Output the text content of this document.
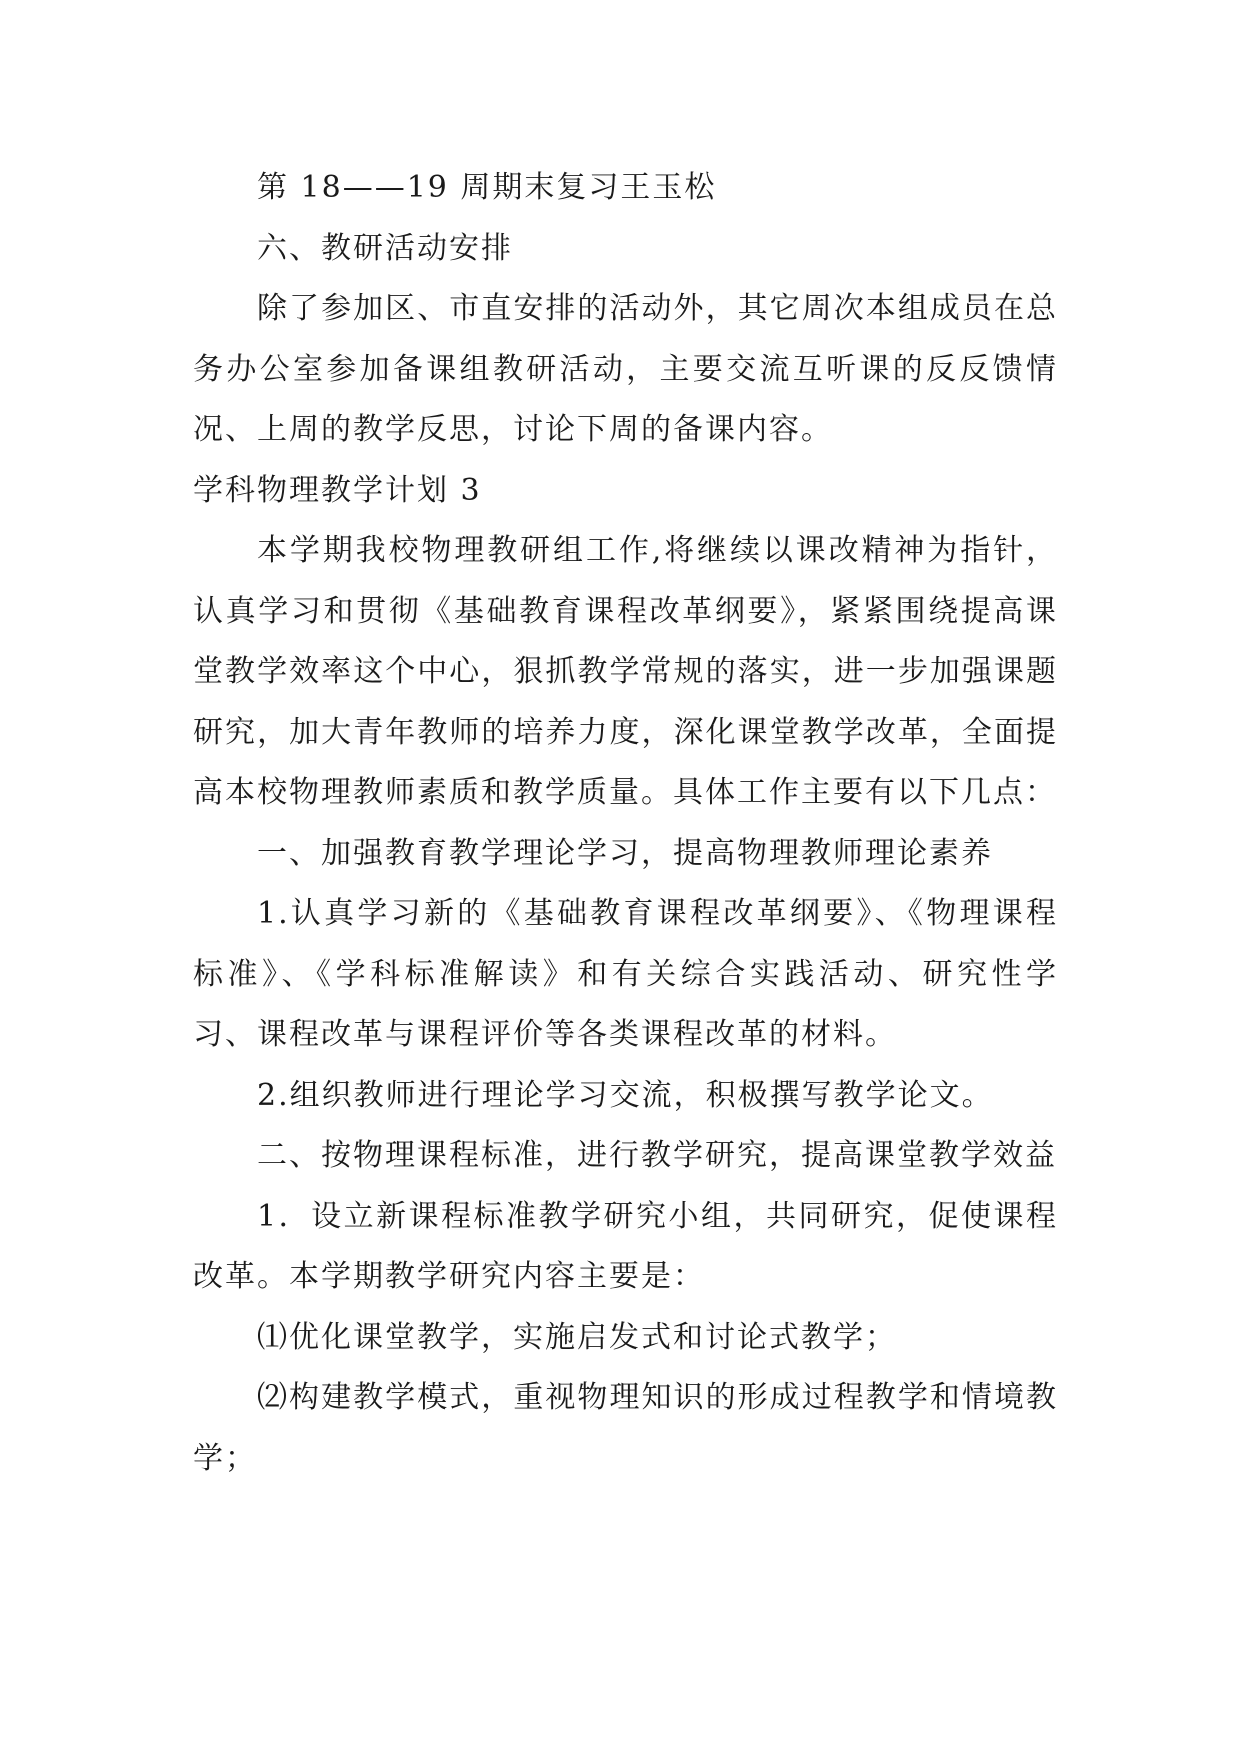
第 18——19 周期末复习王玉松

六、教研活动安排

除了参加区、市直安排的活动外，其它周次本组成员在总务办公室参加备课组教研活动，主要交流互听课的反反馈情况、上周的教学反思，讨论下周的备课内容。

学科物理教学计划 3

本学期我校物理教研组工作,将继续以课改精神为指针，认真学习和贯彻《基础教育课程改革纲要》，紧紧围绕提高课堂教学效率这个中心，狠抓教学常规的落实，进一步加强课题研究，加大青年教师的培养力度，深化课堂教学改革，全面提高本校物理教师素质和教学质量。具体工作主要有以下几点：

一、加强教育教学理论学习，提高物理教师理论素养

1.认真学习新的《基础教育课程改革纲要》、《物理课程标准》、《学科标准解读》和有关综合实践活动、研究性学习、课程改革与课程评价等各类课程改革的材料。

2.组织教师进行理论学习交流，积极撰写教学论文。

二、按物理课程标准，进行教学研究，提高课堂教学效益

1．设立新课程标准教学研究小组，共同研究，促使课程改革。本学期教学研究内容主要是：

⑴优化课堂教学，实施启发式和讨论式教学；

⑵构建教学模式，重视物理知识的形成过程教学和情境教学；
